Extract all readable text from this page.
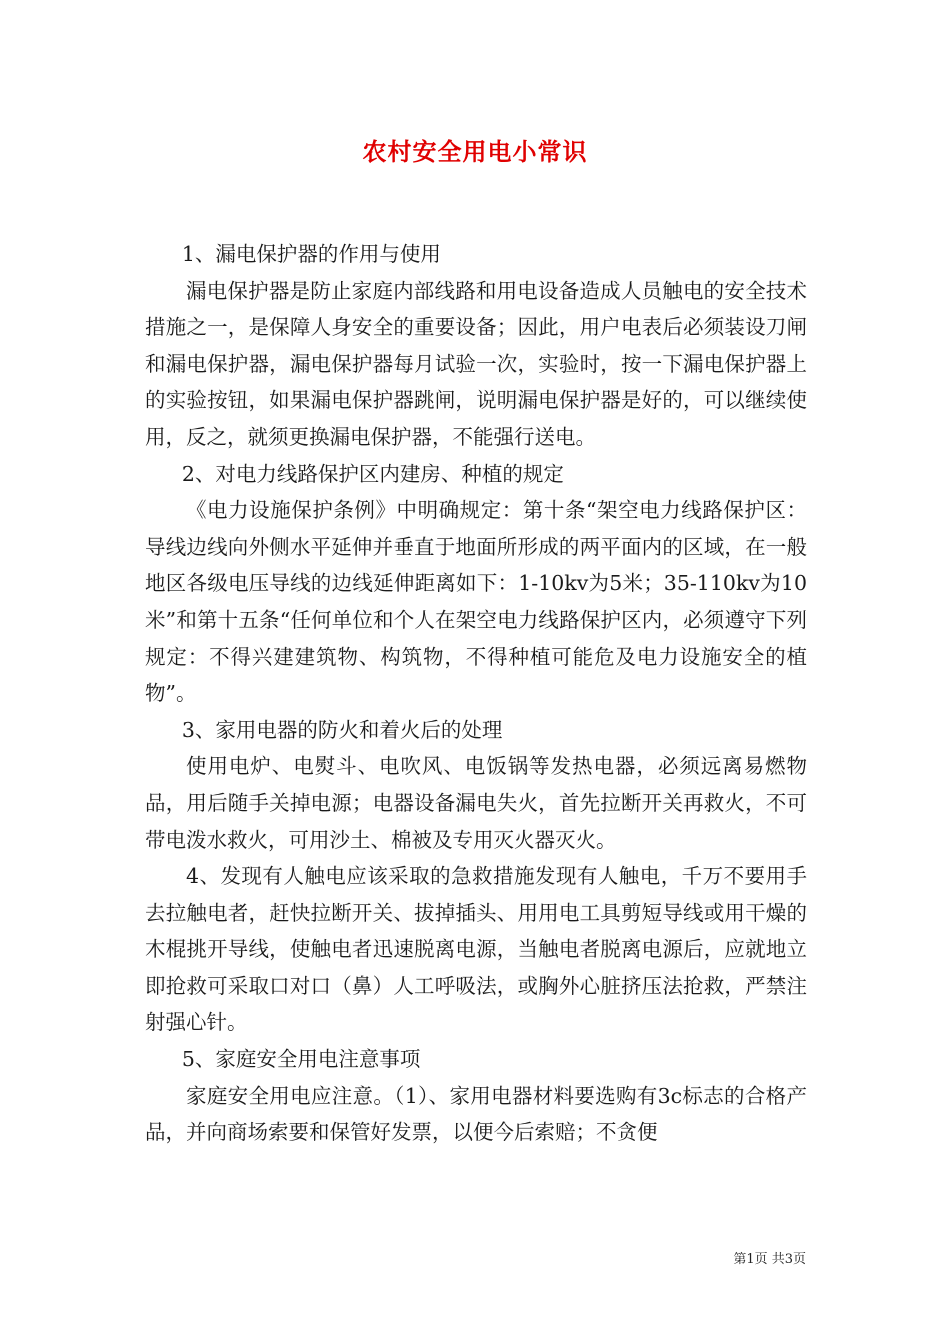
农村安全用电小常识

1、漏电保护器的作用与使用

漏电保护器是防止家庭内部线路和用电设备造成人员触电的安全技术措施之一，是保障人身安全的重要设备；因此，用户电表后必须装设刀闸和漏电保护器，漏电保护器每月试验一次，实验时，按一下漏电保护器上的实验按钮，如果漏电保护器跳闸，说明漏电保护器是好的，可以继续使用，反之，就须更换漏电保护器，不能强行送电。

2、对电力线路保护区内建房、种植的规定

《电力设施保护条例》中明确规定：第十条“架空电力线路保护区：导线边线向外侧水平延伸并垂直于地面所形成的两平面内的区域，在一般地区各级电压导线的边线延伸距离如下：1-10kv为5米；35-110kv为10米”和第十五条“任何单位和个人在架空电力线路保护区内，必须遵守下列规定：不得兴建建筑物、构筑物，不得种植可能危及电力设施安全的植物”。

3、家用电器的防火和着火后的处理

使用电炉、电熨斗、电吹风、电饭锅等发热电器，必须远离易燃物品，用后随手关掉电源；电器设备漏电失火，首先拉断开关再救火，不可带电泼水救火，可用沙土、棉被及专用灭火器灭火。

4、发现有人触电应该采取的急救措施发现有人触电，千万不要用手去拉触电者，赶快拉断开关、拔掉插头、用用电工具剪短导线或用干燥的木棍挑开导线，使触电者迅速脱离电源，当触电者脱离电源后，应就地立即抢救可采取口对口（鼻）人工呼吸法，或胸外心脏挤压法抢救，严禁注射强心针。

5、家庭安全用电注意事项

家庭安全用电应注意。（1）、家用电器材料要选购有3c标志的合格产品，并向商场索要和保管好发票，以便今后索赔；不贪便

第1页 共3页
